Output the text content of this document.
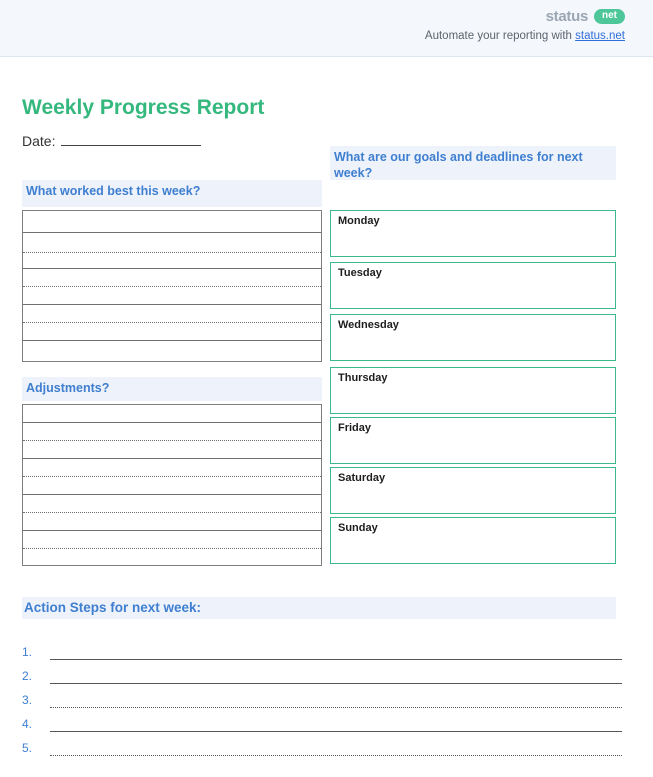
status	net
Automate your reporting with status.net
Weekly Progress Report
Date:
What worked best this week?
Adjustments?
What are our goals and deadlines for next week?
Monday
Tuesday
Wednesday
Thursday
Friday
Saturday
Sunday
Action Steps for next week:
1.
2.
3.
4.
5.
